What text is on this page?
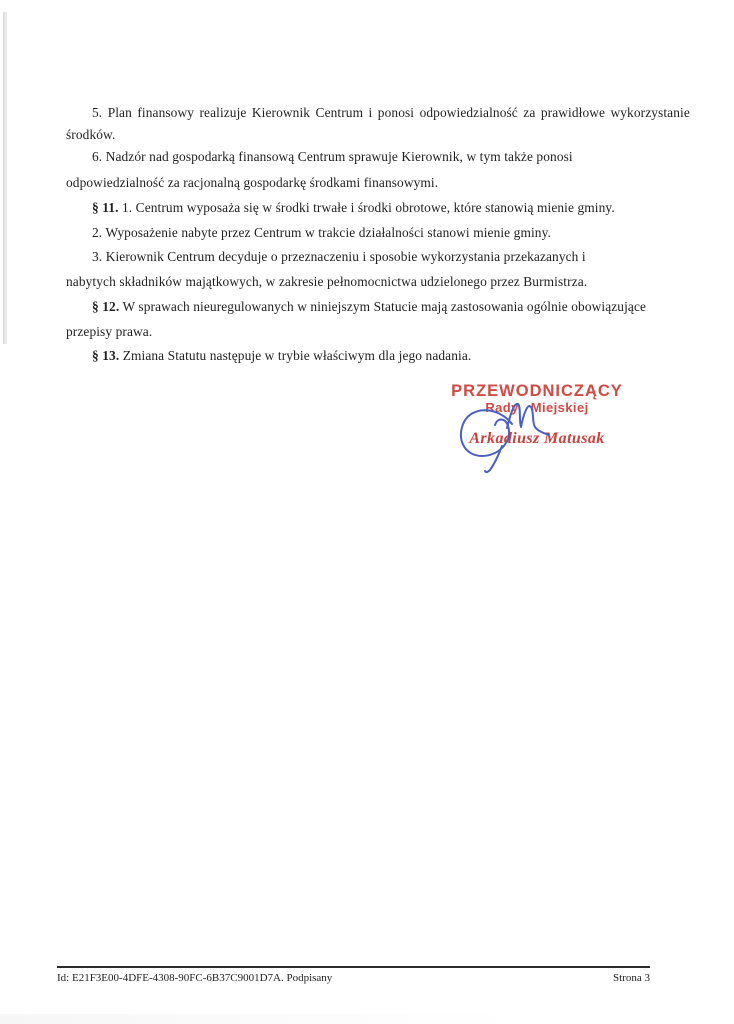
5. Plan finansowy realizuje Kierownik Centrum i ponosi odpowiedzialność za prawidłowe wykorzystanie
środków.
6. Nadzór nad gospodarką finansową Centrum sprawuje Kierownik, w tym także ponosi
odpowiedzialność za racjonalną gospodarkę środkami finansowymi.
§ 11. 1. Centrum wyposaża się w środki trwałe i środki obrotowe, które stanowią mienie gminy.
2. Wyposażenie nabyte przez Centrum w trakcie działalności stanowi mienie gminy.
3. Kierownik Centrum decyduje o przeznaczeniu i sposobie wykorzystania przekazanych i
nabytych składników majątkowych, w zakresie pełnomocnictwa udzielonego przez Burmistrza.
§ 12. W sprawach nieuregulowanych w niniejszym Statucie mają zastosowania ogólnie obowiązujące
przepisy prawa.
§ 13. Zmiana Statutu następuje w trybie właściwym dla jego nadania.
PRZEWODNICZĄCY
Rady Miejskiej
Arkadiusz Matusak
Id: E21F3E00-4DFE-4308-90FC-6B37C9001D7A. Podpisany	Strona 3
